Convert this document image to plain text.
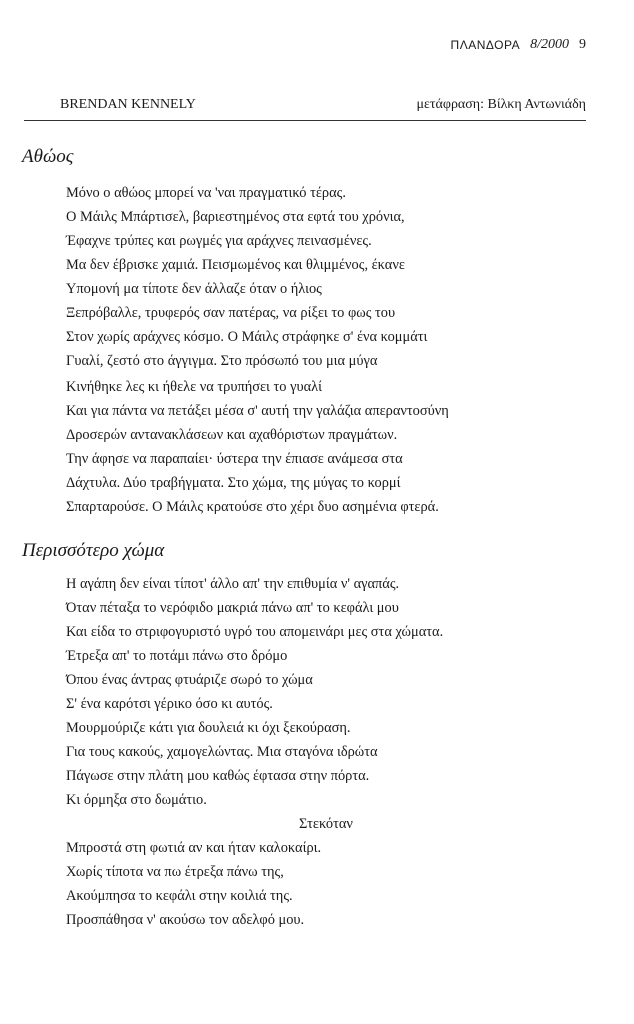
ΠΛΑΝΔΟΡΑ 8/2000 9
BRENDAN KENNELY	μετάφραση: Βίλκη Αντωνιάδη
Αθώος
Μόνο ο αθώος μπορεί να 'ναι πραγματικό τέρας.
Ο Μάιλς Μπάρτισελ, βαριεστημένος στα εφτά του χρόνια,
Έφαχνε τρύπες και ρωγμές για αράχνες πεινασμένες.
Μα δεν έβρισκε χαμιά. Πεισμωμένος και θλιμμένος, έκανε
Υπομονή μα τίποτε δεν άλλαζε όταν ο ήλιος
Ξεπρόβαλλε, τρυφερός σαν πατέρας, να ρίξει το φως του
Στον χωρίς αράχνες κόσμο. Ο Μάιλς στράφηκε σ' ένα κομμάτι
Γυαλί, ζεστό στο άγγιγμα. Στο πρόσωπό του μια μύγα
Κινήθηκε λες κι ήθελε να τρυπήσει το γυαλί
Και για πάντα να πετάξει μέσα σ' αυτή την γαλάζια απεραντοσύνη
Δροσερών αντανακλάσεων και αχαθόριστων πραγμάτων.
Την άφησε να παραπαίει· ύστερα την έπιασε ανάμεσα στα
Δάχτυλα. Δύο τραβήγματα. Στο χώμα, της μύγας το κορμί
Σπαρταρούσε. Ο Μάιλς κρατούσε στο χέρι δυο ασημένια φτερά.
Περισσότερο χώμα
Η αγάπη δεν είναι τίποτ' άλλο απ' την επιθυμία ν' αγαπάς.
Όταν πέταξα το νερόφιδο μακριά πάνω απ' το κεφάλι μου
Και είδα το στριφογυριστό υγρό του απομεινάρι μες στα χώματα.
Έτρεξα απ' το ποτάμι πάνω στο δρόμο
Όπου ένας άντρας φτυάριζε σωρό το χώμα
Σ' ένα καρότσι γέρικο όσο κι αυτός.
Μουρμούριζε κάτι για δουλειά κι όχι ξεκούραση.
Για τους κακούς, χαμογελώντας. Μια σταγόνα ιδρώτα
Πάγωσε στην πλάτη μου καθώς έφτασα στην πόρτα.
Κι όρμηξα στο δωμάτιο.
Στεκόταν
Μπροστά στη φωτιά αν και ήταν καλοκαίρι.
Χωρίς τίποτα να πω έτρεξα πάνω της,
Ακούμπησα το κεφάλι στην κοιλιά της.
Προσπάθησα ν' ακούσω τον αδελφό μου.
